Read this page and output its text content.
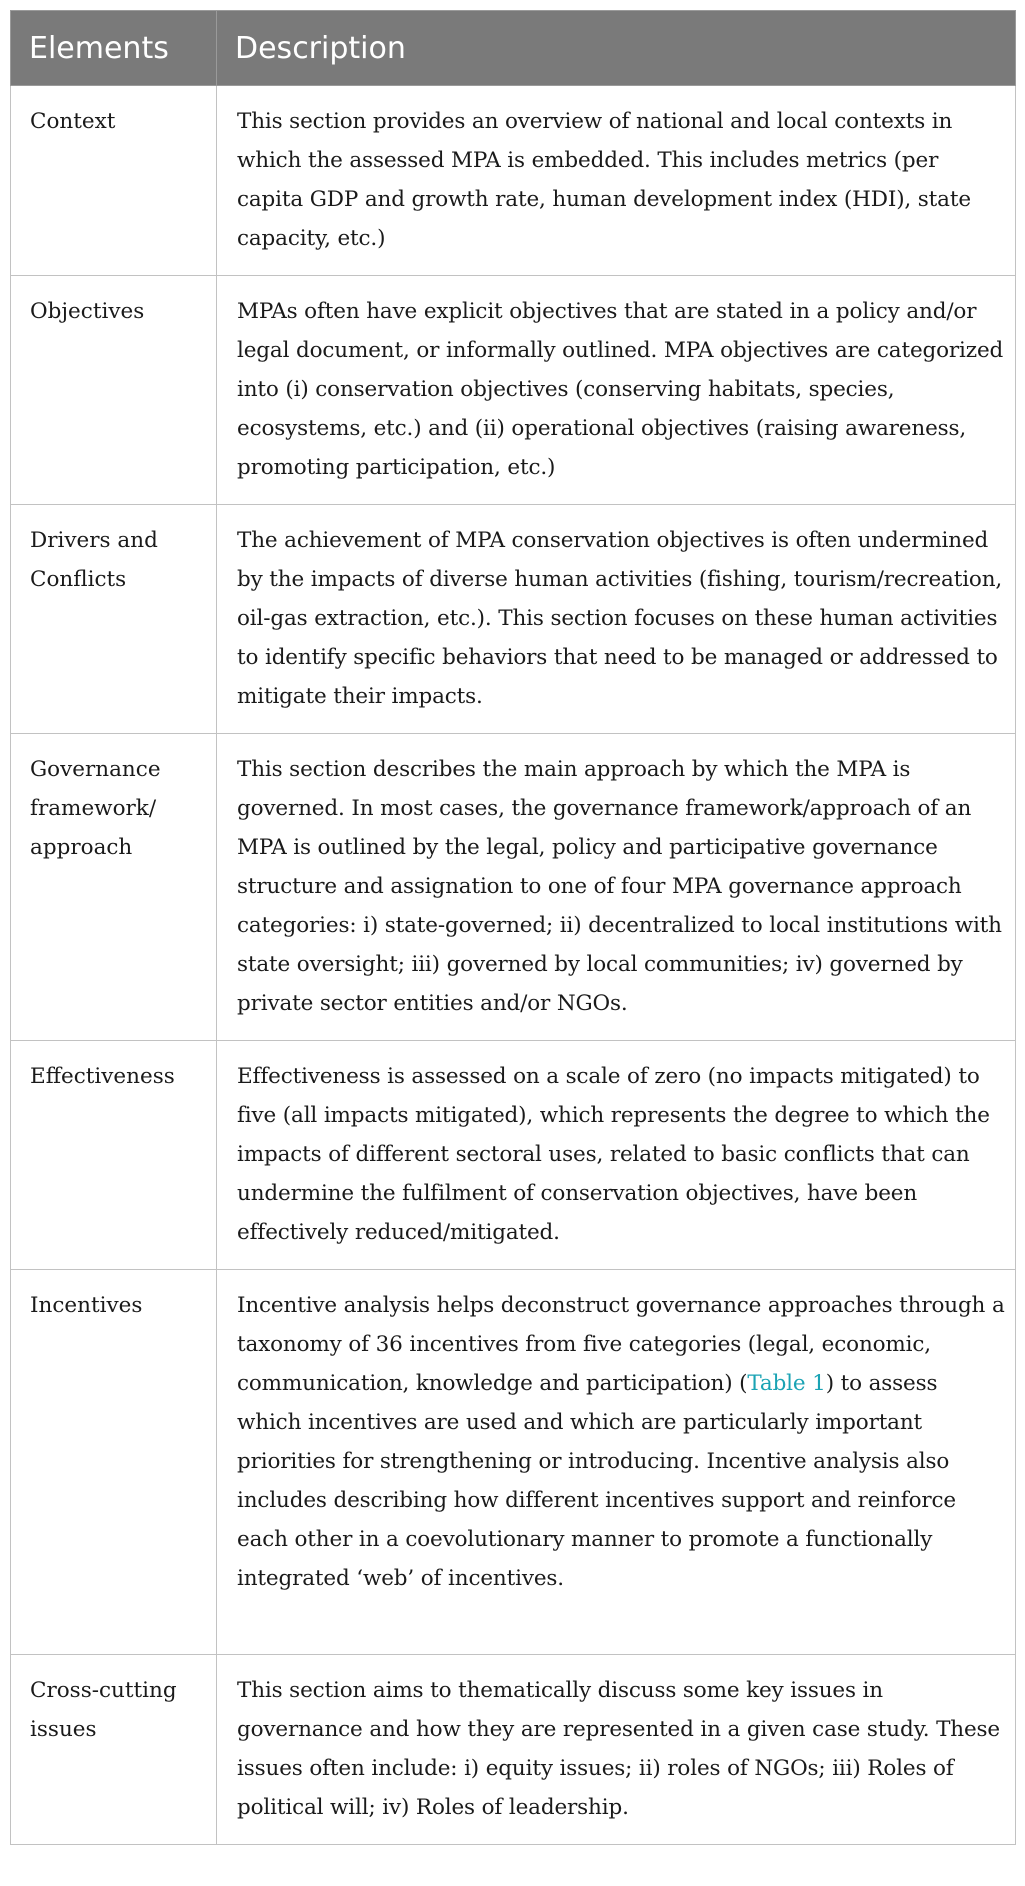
Elements	Description
Context	This section provides an overview of national and local contexts in which the assessed MPA is embedded. This includes metrics (per capita GDP and growth rate, human development index (HDI), state capacity, etc.)
Objectives	MPAs often have explicit objectives that are stated in a policy and/or legal document, or informally outlined. MPA objectives are categorized into (i) conservation objectives (conserving habitats, species, ecosystems, etc.) and (ii) operational objectives (raising awareness, promoting participation, etc.)
Drivers and Conflicts	The achievement of MPA conservation objectives is often undermined by the impacts of diverse human activities (fishing, tourism/recreation, oil-gas extraction, etc.). This section focuses on these human activities to identify specific behaviors that need to be managed or addressed to mitigate their impacts.
Governance framework/ approach	This section describes the main approach by which the MPA is governed. In most cases, the governance framework/approach of an MPA is outlined by the legal, policy and participative governance structure and assignation to one of four MPA governance approach categories: i) state-governed; ii) decentralized to local institutions with state oversight; iii) governed by local communities; iv) governed by private sector entities and/or NGOs.
Effectiveness	Effectiveness is assessed on a scale of zero (no impacts mitigated) to five (all impacts mitigated), which represents the degree to which the impacts of different sectoral uses, related to basic conflicts that can undermine the fulfilment of conservation objectives, have been effectively reduced/mitigated.
Incentives	Incentive analysis helps deconstruct governance approaches through a taxonomy of 36 incentives from five categories (legal, economic, communication, knowledge and participation) (Table 1) to assess which incentives are used and which are particularly important priorities for strengthening or introducing. Incentive analysis also includes describing how different incentives support and reinforce each other in a coevolutionary manner to promote a functionally integrated ‘web’ of incentives.
Cross-cutting issues	This section aims to thematically discuss some key issues in governance and how they are represented in a given case study. These issues often include: i) equity issues; ii) roles of NGOs; iii) Roles of political will; iv) Roles of leadership.
